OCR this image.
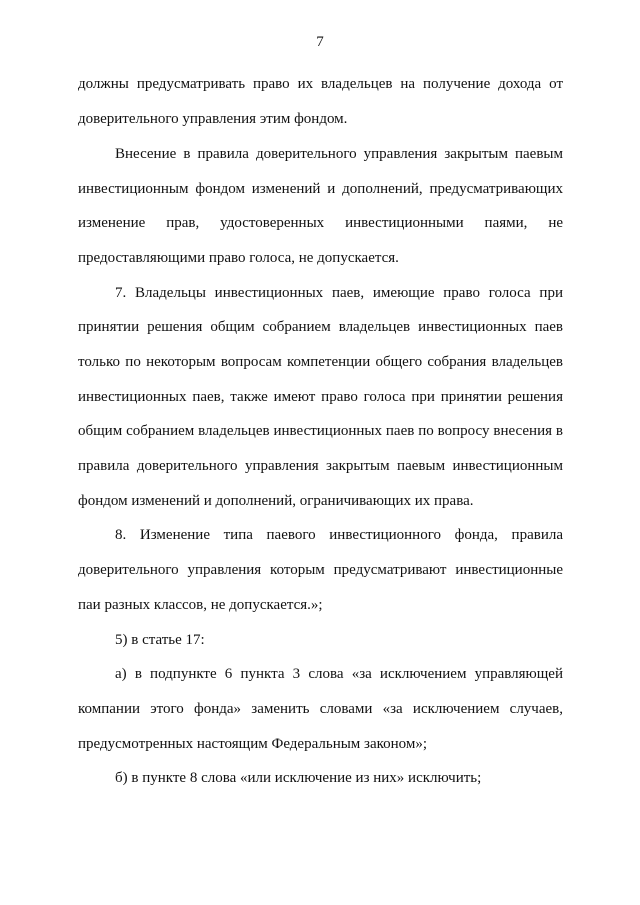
7
должны предусматривать право их владельцев на получение дохода от
доверительного управления этим фондом.
Внесение в правила доверительного управления закрытым паевым
инвестиционным фондом изменений и дополнений, предусматривающих
изменение прав, удостоверенных инвестиционными паями, не
предоставляющими право голоса, не допускается.
7. Владельцы инвестиционных паев, имеющие право голоса при
принятии решения общим собранием владельцев инвестиционных паев
только по некоторым вопросам компетенции общего собрания владельцев
инвестиционных паев, также имеют право голоса при принятии решения
общим собранием владельцев инвестиционных паев по вопросу внесения в
правила доверительного управления закрытым паевым инвестиционным
фондом изменений и дополнений, ограничивающих их права.
8. Изменение типа паевого инвестиционного фонда, правила
доверительного управления которым предусматривают инвестиционные
паи разных классов, не допускается.»;
5) в статье 17:
а) в подпункте 6 пункта 3 слова «за исключением управляющей
компании этого фонда» заменить словами «за исключением случаев,
предусмотренных настоящим Федеральным законом»;
б) в пункте 8 слова «или исключение из них» исключить;
